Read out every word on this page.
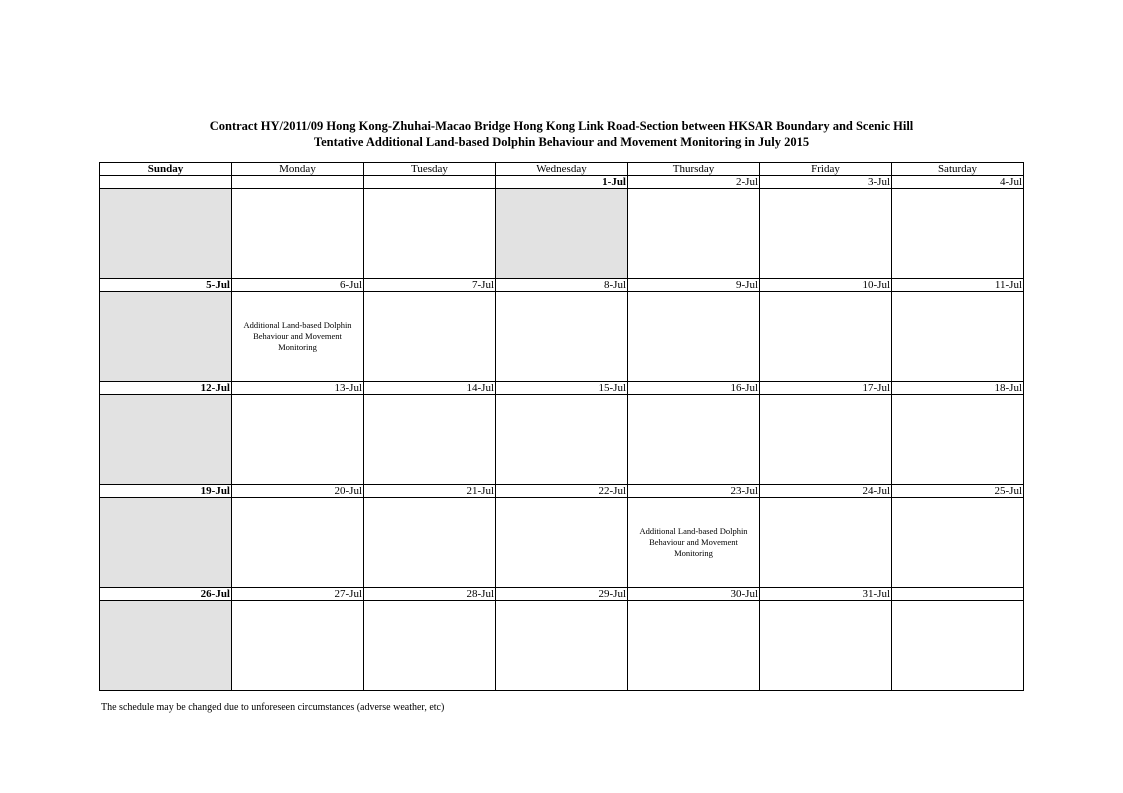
Contract HY/2011/09 Hong Kong-Zhuhai-Macao Bridge Hong Kong Link Road-Section between HKSAR Boundary and Scenic Hill
Tentative Additional Land-based Dolphin Behaviour and Movement Monitoring in July 2015
Sunday	Monday	Tuesday	Wednesday	Thursday	Friday	Saturday
			1-Jul	2-Jul	3-Jul	4-Jul

5-Jul	6-Jul	7-Jul	8-Jul	9-Jul	10-Jul	11-Jul
	Additional Land-based Dolphin Behaviour and Movement Monitoring					
12-Jul	13-Jul	14-Jul	15-Jul	16-Jul	17-Jul	18-Jul

19-Jul	20-Jul	21-Jul	22-Jul	23-Jul	24-Jul	25-Jul
				Additional Land-based Dolphin Behaviour and Movement Monitoring		
26-Jul	27-Jul	28-Jul	29-Jul	30-Jul	31-Jul	

The schedule may be changed due to unforeseen circumstances (adverse weather, etc)
